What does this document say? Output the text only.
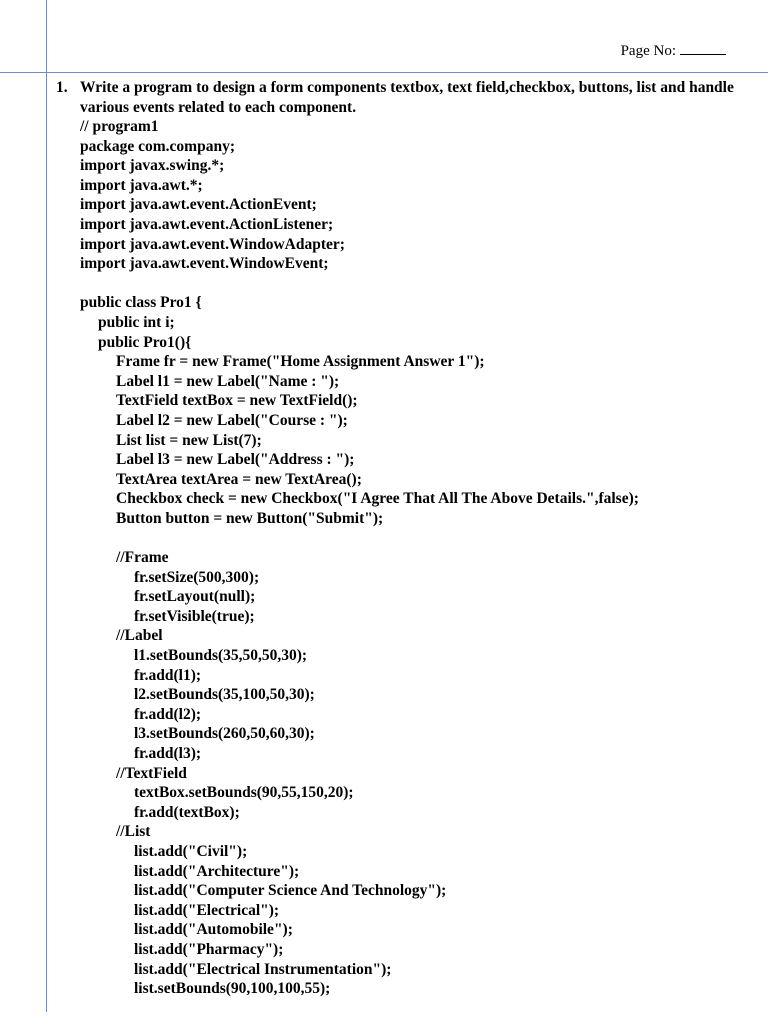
Page No:
1. Write a program to design a form components textbox, text field,checkbox, buttons, list and handle various events related to each component.
// program1
package com.company;
import javax.swing.*;
import java.awt.*;
import java.awt.event.ActionEvent;
import java.awt.event.ActionListener;
import java.awt.event.WindowAdapter;
import java.awt.event.WindowEvent;
public class Pro1 {
public int i;
public Pro1(){
Frame fr = new Frame("Home Assignment Answer 1");
Label l1 = new Label("Name : ");
TextField textBox = new TextField();
Label l2 = new Label("Course : ");
List list = new List(7);
Label l3 = new Label("Address : ");
TextArea textArea = new TextArea();
Checkbox check = new Checkbox("I Agree That All The Above Details.",false);
Button button = new Button("Submit");
//Frame
fr.setSize(500,300);
fr.setLayout(null);
fr.setVisible(true);
//Label
l1.setBounds(35,50,50,30);
fr.add(l1);
l2.setBounds(35,100,50,30);
fr.add(l2);
l3.setBounds(260,50,60,30);
fr.add(l3);
//TextField
textBox.setBounds(90,55,150,20);
fr.add(textBox);
//List
list.add("Civil");
list.add("Architecture");
list.add("Computer Science And Technology");
list.add("Electrical");
list.add("Automobile");
list.add("Pharmacy");
list.add("Electrical Instrumentation");
list.setBounds(90,100,100,55);
